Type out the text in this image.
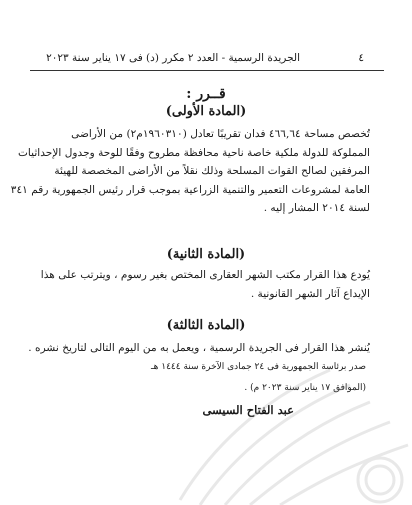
٤
الجريدة الرسمية - العدد ٢ مكرر (د) فى ١٧ يناير سنة ٢٠٢٣
قــرر :
(المادة الأولى)
تُخصص مساحة ٤٦٦,٦٤ فدان تقريبًا تعادل (١٩٦٠٣١٠م٢) من الأراضى
المملوكة للدولة ملكية خاصة ناحية محافظة مطروح وفقًا للوحة وجدول الإحداثيات
المرفقين لصالح القوات المسلحة وذلك نقلاً من الأراضى المخصصة للهيئة
العامة لمشروعات التعمير والتنمية الزراعية بموجب قرار رئيس الجمهورية رقم ٣٤١
لسنة ٢٠١٤ المشار إليه .
(المادة الثانية)
يُودع هذا القرار مكتب الشهر العقارى المختص بغير رسوم ، ويترتب على هذا
الإيداع آثار الشهر القانونية .
(المادة الثالثة)
يُنشر هذا القرار فى الجريدة الرسمية ، ويعمل به من اليوم التالى لتاريخ نشره .
صدر برئاسة الجمهورية فى ٢٤ جمادى الآخرة سنة ١٤٤٤ هـ
(الموافق ١٧ يناير سنة ٢٠٢٣ م) .
عبد الفتاح السيسى
